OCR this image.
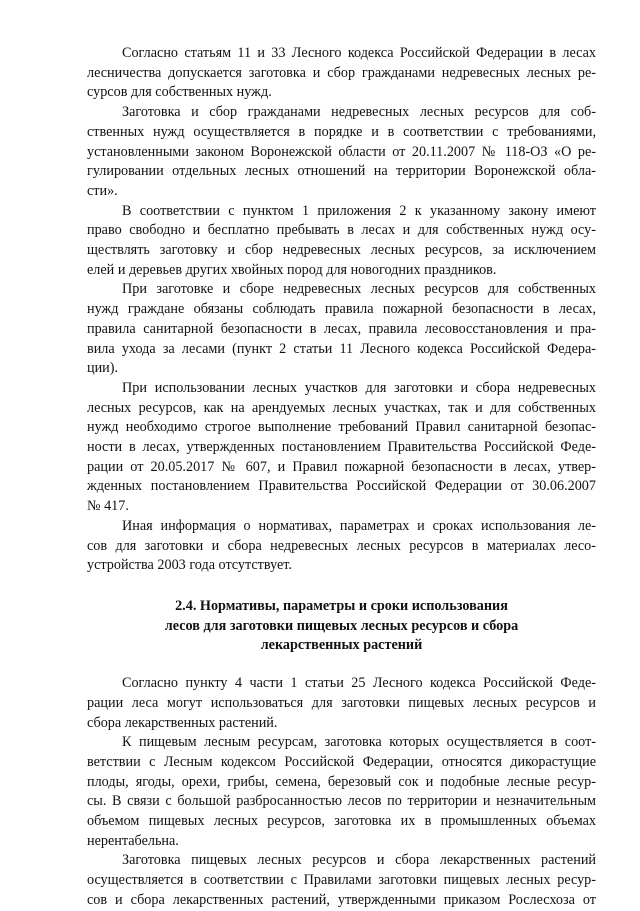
Согласно статьям 11 и 33 Лесного кодекса Российской Федерации в лесах
лесничества допускается заготовка и сбор гражданами недревесных лесных ре-
сурсов для собственных нужд.
Заготовка и сбор гражданами недревесных лесных ресурсов для соб-
ственных нужд осуществляется в порядке и в соответствии с требованиями,
установленными законом Воронежской области от 20.11.2007 № 118-ОЗ «О ре-
гулировании отдельных лесных отношений на территории Воронежской обла-
сти».
В соответствии с пунктом 1 приложения 2 к указанному закону имеют
право свободно и бесплатно пребывать в лесах и для собственных нужд осу-
ществлять заготовку и сбор недревесных лесных ресурсов, за исключением
елей и деревьев других хвойных пород для новогодних праздников.
При заготовке и сборе недревесных лесных ресурсов для собственных
нужд граждане обязаны соблюдать правила пожарной безопасности в лесах,
правила санитарной безопасности в лесах, правила лесовосстановления и пра-
вила ухода за лесами (пункт 2 статьи 11 Лесного кодекса Российской Федера-
ции).
При использовании лесных участков для заготовки и сбора недревесных
лесных ресурсов, как на арендуемых лесных участках, так и для собственных
нужд необходимо строгое выполнение требований Правил санитарной безопас-
ности в лесах, утвержденных постановлением Правительства Российской Феде-
рации от 20.05.2017 № 607, и Правил пожарной безопасности в лесах, утвер-
жденных постановлением Правительства Российской Федерации от 30.06.2007
№ 417.
Иная информация о нормативах, параметрах и сроках использования ле-
сов для заготовки и сбора недревесных лесных ресурсов в материалах лесо-
устройства 2003 года отсутствует.
2.4. Нормативы, параметры и сроки использования
лесов для заготовки пищевых лесных ресурсов и сбора
лекарственных растений
Согласно пункту 4 части 1 статьи 25 Лесного кодекса Российской Феде-
рации леса могут использоваться для заготовки пищевых лесных ресурсов и
сбора лекарственных растений.
К пищевым лесным ресурсам, заготовка которых осуществляется в соот-
ветствии с Лесным кодексом Российской Федерации, относятся дикорастущие
плоды, ягоды, орехи, грибы, семена, березовый сок и подобные лесные ресур-
сы. В связи с большой разбросанностью лесов по территории и незначительным
объемом пищевых лесных ресурсов, заготовка их в промышленных объемах
нерентабельна.
Заготовка пищевых лесных ресурсов и сбора лекарственных растений
осуществляется в соответствии с Правилами заготовки пищевых лесных ресур-
сов и сбора лекарственных растений, утвержденными приказом Рослесхоза от
